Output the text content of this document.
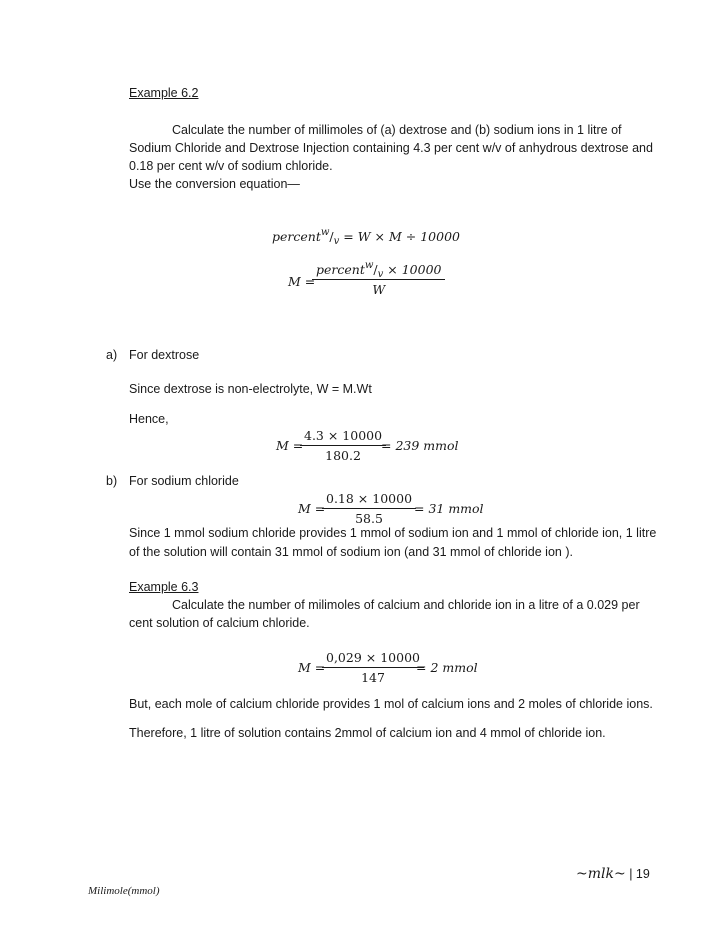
Example 6.2
Calculate the number of millimoles of (a) dextrose and (b) sodium ions in 1 litre of
Sodium Chloride and Dextrose Injection containing 4.3 per cent w/v of anhydrous dextrose and
0.18 per cent w/v of sodium chloride.
Use the conversion equation—
$percent^w/_v = W \times M \div 10000$
M =
$percent^w/_v \times 10000$
W
a) For dextrose
Since dextrose is non-electrolyte, W = M.Wt
Hence,
M =
$\frac{4.3 \times 10000}{180.2}$
= 239 mmol
b) For sodium chloride
M =
$\frac{0.18 \times 10000}{58.5}$
= 31 mmol
Since 1 mmol sodium chloride provides 1 mmol of sodium ion and 1 mmol of chloride ion, 1 litre
of the solution will contain 31 mmol of sodium ion (and 31 mmol of chloride ion ).
Example 6.3
Calculate the number of milimoles of calcium and chloride ion in a litre of a 0.029 per
cent solution of calcium chloride.
M =
$\frac{0,029 \times 10000}{147}$
= 2 mmol
But, each mole of calcium chloride provides 1 mol of calcium ions and 2 moles of chloride ions.
Therefore, 1 litre of solution contains 2mmol of calcium ion and 4 mmol of chloride ion.
~mlk~ | 19
Milimole(mmol)
